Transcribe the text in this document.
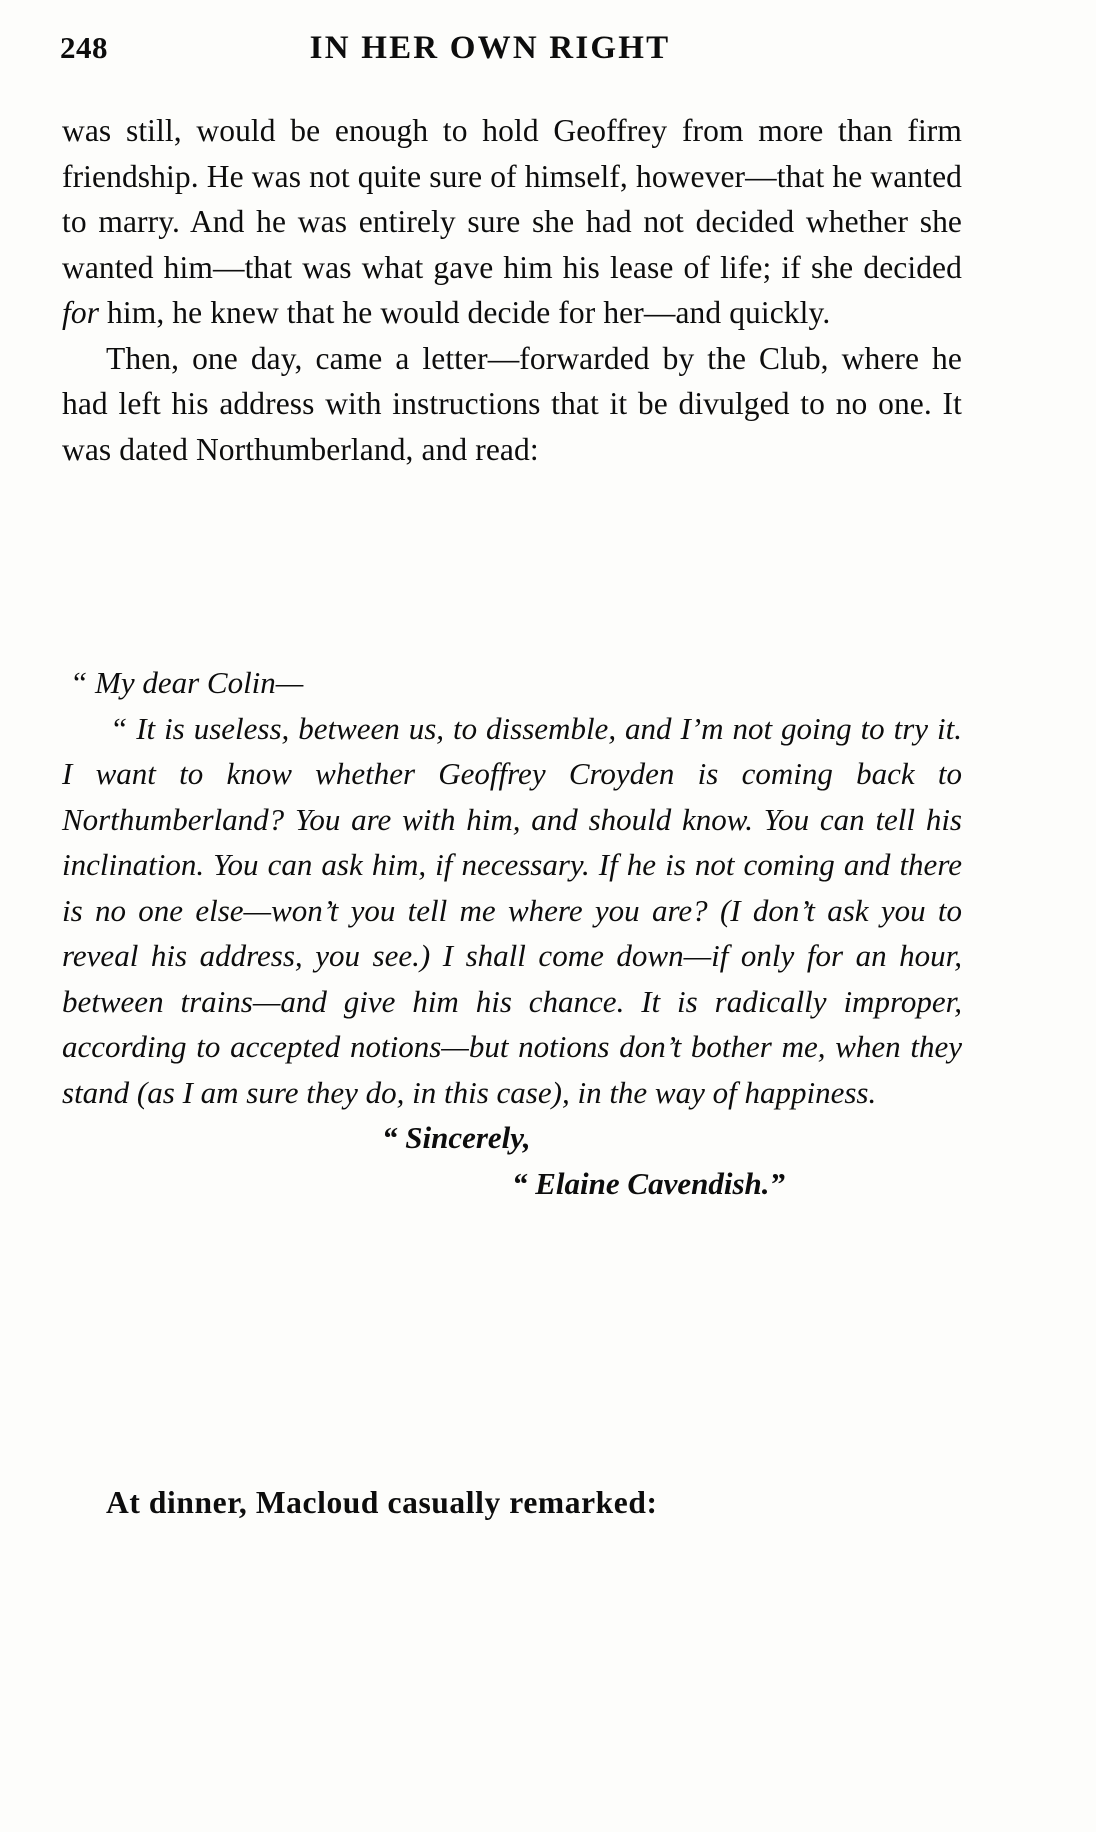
IN HER OWN RIGHT
248

was still, would be enough to hold Geoffrey from more than firm friendship. He was not quite sure of himself, however—that he wanted to marry. And he was entirely sure she had not decided whether she wanted him—that was what gave him his lease of life; if she decided for him, he knew that he would decide for her—and quickly.

Then, one day, came a letter—forwarded by the Club, where he had left his address with instructions that it be divulged to no one. It was dated Northumberland, and read:

“ My dear Colin—

“ It is useless, between us, to dissemble, and I’m not going to try it. I want to know whether Geoffrey Croyden is coming back to Northumberland? You are with him, and should know. You can tell his inclination. You can ask him, if necessary. If he is not coming and there is no one else—won’t you tell me where you are? (I don’t ask you to reveal his address, you see.) I shall come down—if only for an hour, between trains—and give him his chance. It is radically improper, according to accepted notions—but notions don’t bother me, when they stand (as I am sure they do, in this case), in the way of happiness.

“ Sincerely,

“ Elaine Cavendish.”

At dinner, Macloud casually remarked:
